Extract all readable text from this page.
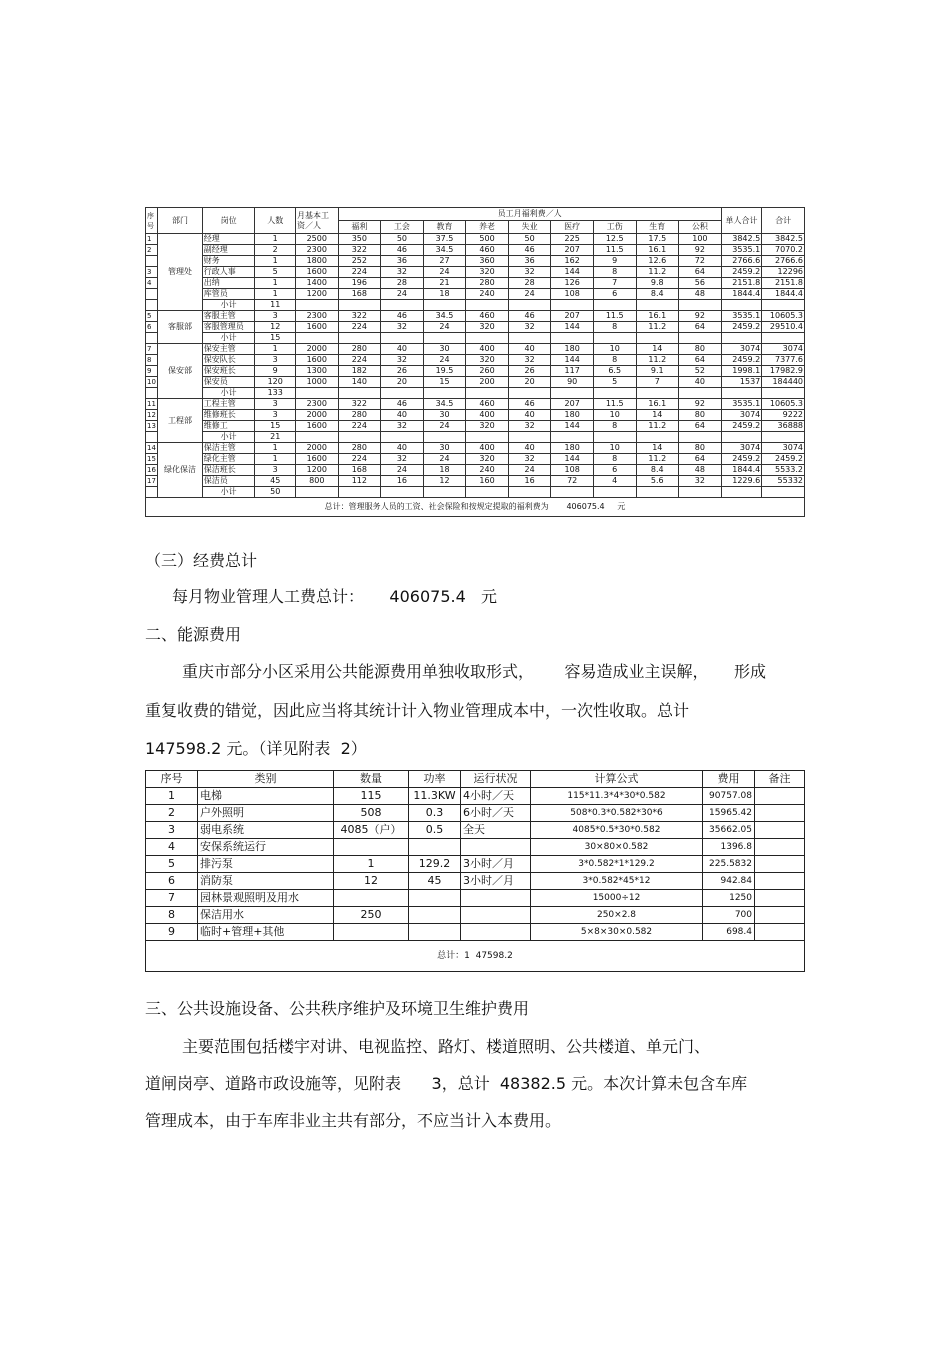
序号	部门	岗位	人数	月基本工资／人	员工月福利费／人									单人合计	合计
					福利	工会	教育	养老	失业	医疗	工伤	生育	公积		
1	管理处	经理	1	2500	350	50	37.5	500	50	225	12.5	17.5	100	3842.5	3842.5
2		副经理	2	2300	322	46	34.5	460	46	207	11.5	16.1	92	3535.1	7070.2
		财务	1	1800	252	36	27	360	36	162	9	12.6	72	2766.6	2766.6
3		行政人事	5	1600	224	32	24	320	32	144	8	11.2	64	2459.2	12296
4		出纳	1	1400	196	28	21	280	28	126	7	9.8	56	2151.8	2151.8
		库管员	1	1200	168	24	18	240	24	108	6	8.4	48	1844.4	1844.4
		小计	11												
5	客服部	客服主管	3	2300	322	46	34.5	460	46	207	11.5	16.1	92	3535.1	10605.3
6		客服管理员	12	1600	224	32	24	320	32	144	8	11.2	64	2459.2	29510.4
		小计	15												
7	保安部	保安主管	1	2000	280	40	30	400	40	180	10	14	80	3074	3074
8		保安队长	3	1600	224	32	24	320	32	144	8	11.2	64	2459.2	7377.6
9		保安班长	9	1300	182	26	19.5	260	26	117	6.5	9.1	52	1998.1	17982.9
10		保安员	120	1000	140	20	15	200	20	90	5	7	40	1537	184440
		小计	133												
11	工程部	工程主管	3	2300	322	46	34.5	460	46	207	11.5	16.1	92	3535.1	10605.3
12		维修班长	3	2000	280	40	30	400	40	180	10	14	80	3074	9222
13		维修工	15	1600	224	32	24	320	32	144	8	11.2	64	2459.2	36888
		小计	21												
14	绿化保洁	保洁主管	1	2000	280	40	30	400	40	180	10	14	80	3074	3074
15		绿化主管	1	1600	224	32	24	320	32	144	8	11.2	64	2459.2	2459.2
16		保洁班长	3	1200	168	24	18	240	24	108	6	8.4	48	1844.4	5533.2
17		保洁员	45	800	112	16	12	160	16	72	4	5.6	32	1229.6	55332
		小计	50												
总计：管理服务人员的工资、社会保险和按规定提取的福利费为       406075.4     元															
（三）经费总计
每月物业管理人工费总计：     406075.4   元
二、能源费用
重庆市部分小区采用公共能源费用单独收取形式，      容易造成业主误解，     形成
重复收费的错觉，因此应当将其统计计入物业管理成本中，一次性收取。总计
147598.2 元。（详见附表  2）
序号	类别	数量	功率	运行状况	计算公式	费用	备注
1	电梯	115	11.3KW	4小时／天	115*11.3*4*30*0.582	90757.08	
2	户外照明	508	0.3	6小时／天	508*0.3*0.582*30*6	15965.42	
3	弱电系统	4085（户）	0.5	全天	4085*0.5*30*0.582	35662.05	
4	安保系统运行				30×80×0.582	1396.8	
5	排污泵	1	129.2	3小时／月	3*0.582*1*129.2	225.5832	
6	消防泵	12	45	3小时／月	3*0.582*45*12	942.84	
7	园林景观照明及用水				15000÷12	1250	
8	保洁用水	250			250×2.8	700	
9	临时+管理+其他				5×8×30×0.582	698.4	
总计：1  47598.2							
三、公共设施设备、公共秩序维护及环境卫生维护费用
主要范围包括楼宇对讲、电视监控、路灯、楼道照明、公共楼道、单元门、
道闸岗亭、道路市政设施等，见附表      3，总计  48382.5 元。本次计算未包含车库
管理成本，由于车库非业主共有部分，不应当计入本费用。
